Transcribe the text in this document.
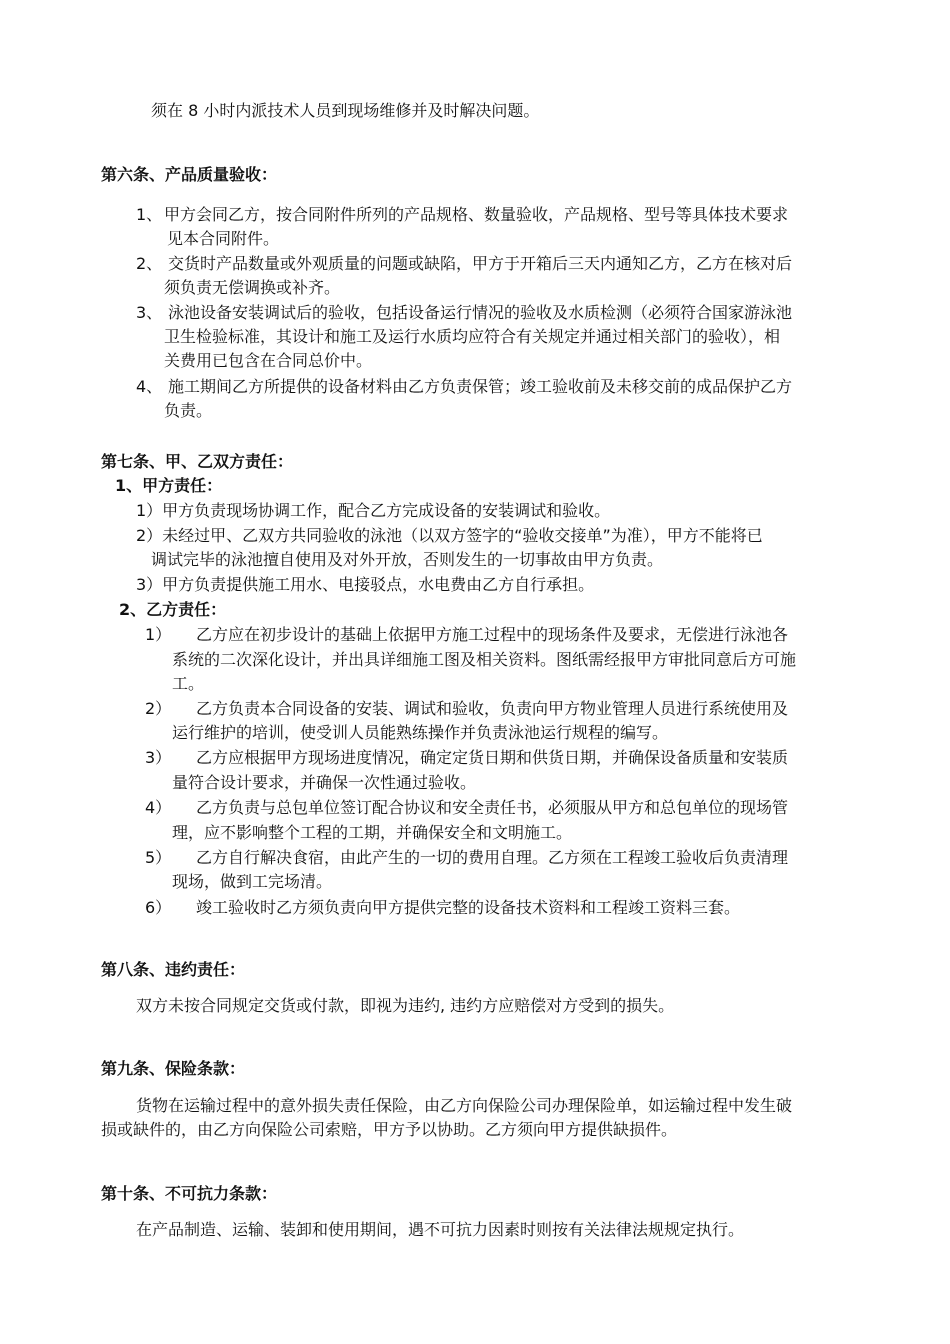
须在 8 小时内派技术人员到现场维修并及时解决问题。
第六条、产品质量验收：
1、 甲方会同乙方，按合同附件所列的产品规格、数量验收，产品规格、型号等具体技术要求
见本合同附件。
2、 交货时产品数量或外观质量的问题或缺陷，甲方于开箱后三天内通知乙方，乙方在核对后
须负责无偿调换或补齐。
3、 泳池设备安装调试后的验收，包括设备运行情况的验收及水质检测（必须符合国家游泳池
卫生检验标准，其设计和施工及运行水质均应符合有关规定并通过相关部门的验收），相
关费用已包含在合同总价中。
4、 施工期间乙方所提供的设备材料由乙方负责保管；竣工验收前及未移交前的成品保护乙方
负责。
第七条、甲、乙双方责任：
1、甲方责任：
1）甲方负责现场协调工作，配合乙方完成设备的安装调试和验收。
2）未经过甲、乙双方共同验收的泳池（以双方签字的“验收交接单”为准），甲方不能将已
调试完毕的泳池擅自使用及对外开放，否则发生的一切事故由甲方负责。
3）甲方负责提供施工用水、电接驳点，水电费由乙方自行承担。
2、乙方责任：
1） 乙方应在初步设计的基础上依据甲方施工过程中的现场条件及要求，无偿进行泳池各
系统的二次深化设计，并出具详细施工图及相关资料。图纸需经报甲方审批同意后方可施
工。
2） 乙方负责本合同设备的安装、调试和验收，负责向甲方物业管理人员进行系统使用及
运行维护的培训，使受训人员能熟练操作并负责泳池运行规程的编写。
3） 乙方应根据甲方现场进度情况，确定定货日期和供货日期，并确保设备质量和安装质
量符合设计要求，并确保一次性通过验收。
4） 乙方负责与总包单位签订配合协议和安全责任书，必须服从甲方和总包单位的现场管
理，应不影响整个工程的工期，并确保安全和文明施工。
5） 乙方自行解决食宿，由此产生的一切的费用自理。乙方须在工程竣工验收后负责清理
现场，做到工完场清。
6） 竣工验收时乙方须负责向甲方提供完整的设备技术资料和工程竣工资料三套。
第八条、违约责任：
双方未按合同规定交货或付款，即视为违约, 违约方应赔偿对方受到的损失。
第九条、保险条款：
货物在运输过程中的意外损失责任保险，由乙方向保险公司办理保险单，如运输过程中发生破
损或缺件的，由乙方向保险公司索赔，甲方予以协助。乙方须向甲方提供缺损件。
第十条、不可抗力条款：
在产品制造、运输、装卸和使用期间，遇不可抗力因素时则按有关法律法规规定执行。
